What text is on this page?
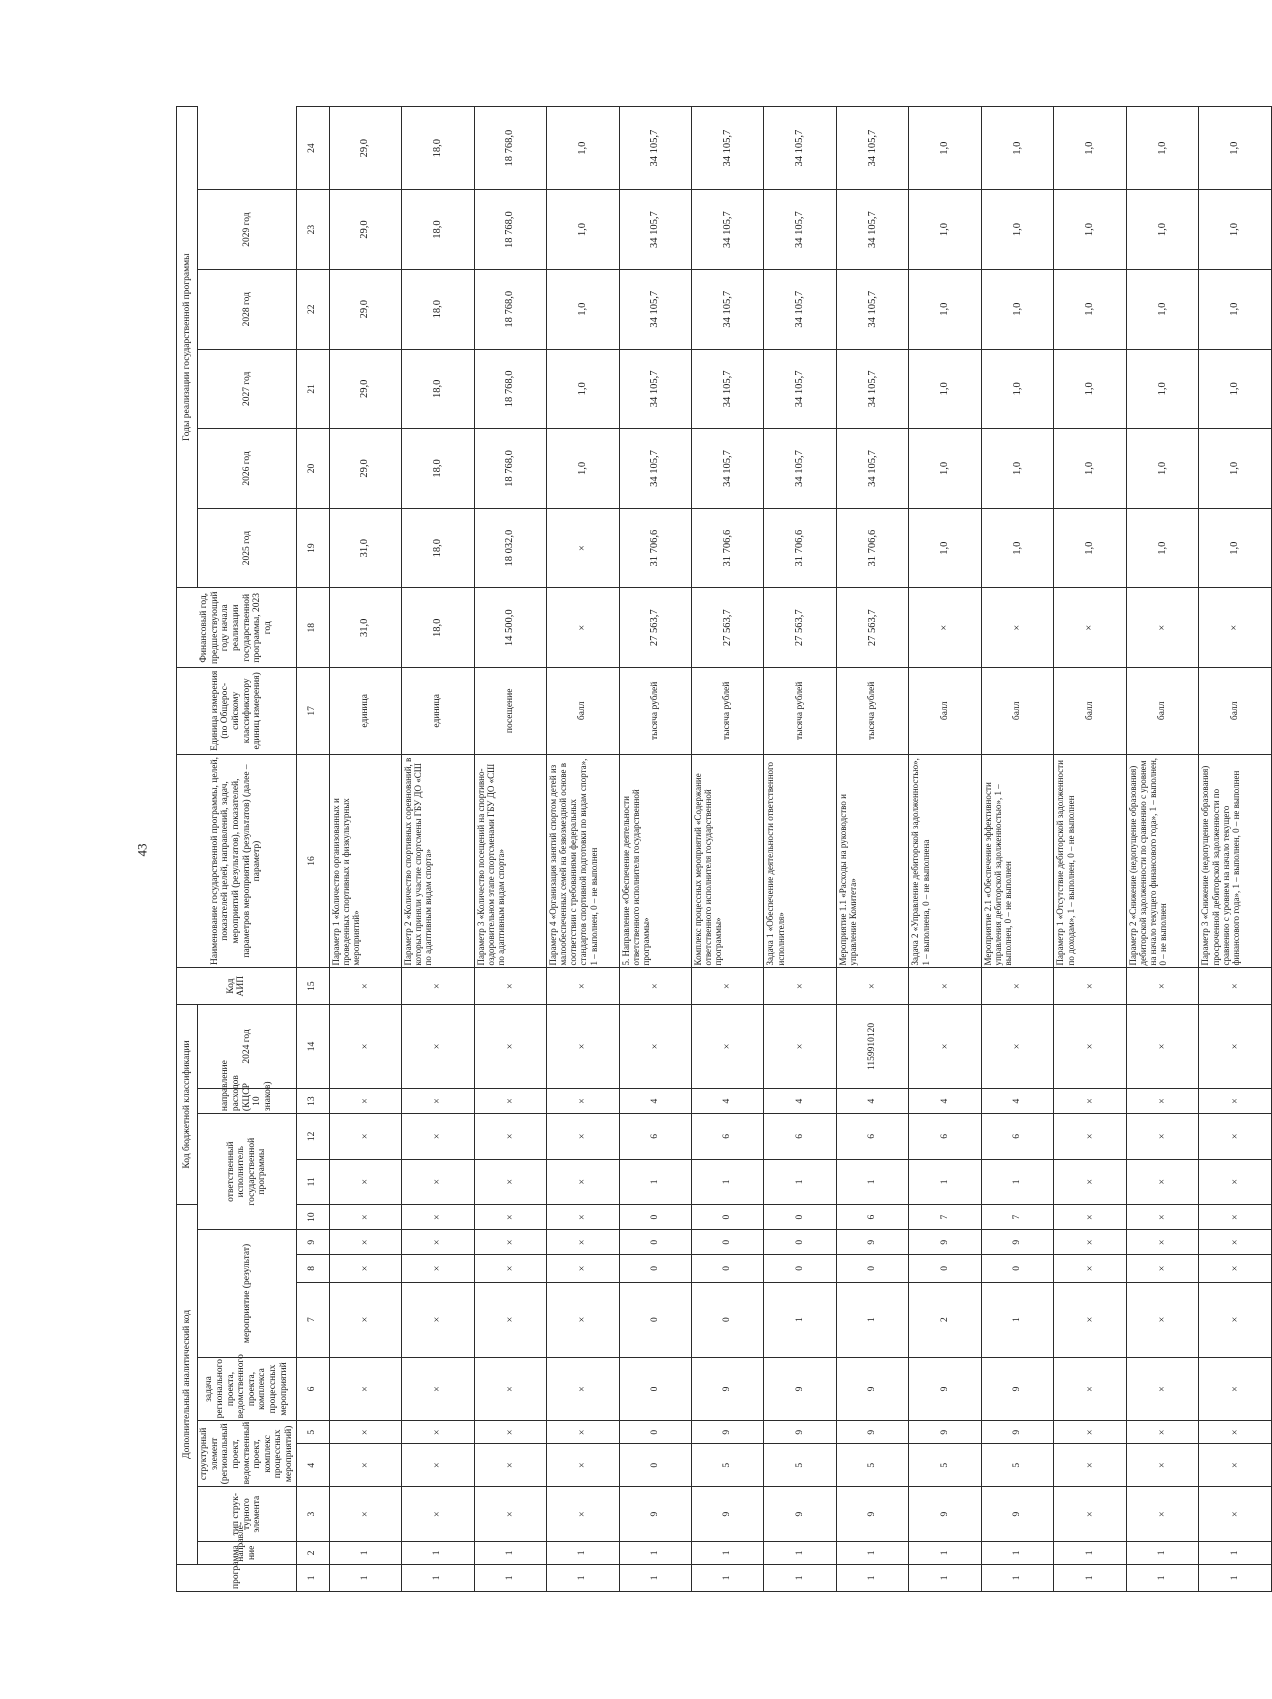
43
программа	Дополнительный аналитический код									Код бюджетной классификации				Код АИП	Наименование государственной программы, целей, показателей целей, направлений, задач, мероприятий (результатов), показателей, параметров мероприятий (результатов) (далее – параметр)	Единица измерения (по Общерос-сийскому классификатору единиц измерения)	Финансовый год, предшествующий году начала реализации государственной программы, 2023 год	Годы реализации государственной программы					
	направле-ние	тип струк-турного элемента	структурный элемент (региональный проект, ведомственный проект, комплекс процессных мероприятий)		задача регионального проекта, ведомственного проекта, комплекса процессных мероприятий	мероприятие (результат)			ответственный исполнитель государственной программы			направление расходов (КЦСР 10 знаков)	2024 год					2025 год	2026 год	2027 год	2028 год	2029 год	

1	2	3	4	5	6	7	8	9	10	11	12	13	14	15	16	17	18	19	20	21	22	23	24
1	1	×	×	×	×	×	×	×	×	×	×	×	×	×	Параметр 1 «Количество организованных и проведенных спортивных и физкультурных мероприятий»	единица	31,0	31,0	29,0	29,0	29,0	29,0	29,0
1	1	×	×	×	×	×	×	×	×	×	×	×	×	×	Параметр 2 «Количество спортивных соревнований, в которых приняли участие спортсмены ГБУ ДО «СШ по адаптивным видам спорта»	единица	18,0	18,0	18,0	18,0	18,0	18,0	18,0
1	1	×	×	×	×	×	×	×	×	×	×	×	×	×	Параметр 3 «Количество посещений на спортивно-оздоровительном этапе спортсменами ГБУ ДО «СШ по адаптивным видам спорта»	посещение	14 500,0	18 032,0	18 768,0	18 768,0	18 768,0	18 768,0	18 768,0
1	1	×	×	×	×	×	×	×	×	×	×	×	×	×	Параметр 4 «Организация занятий спортом детей из малообеспеченных семей на безвозмездной основе в соответствии с требованиями федеральных стандартов спортивной подготовки по видам спорта», 1 – выполнен, 0 – не выполнен	балл	×	×	1,0	1,0	1,0	1,0	1,0
1	1	9	0	0	0	0	0	0	0	1	6	4	×	×	5. Направление «Обеспечение деятельности ответственного исполнителя государственной программы»	тысяча рублей	27 563,7	31 706,6	34 105,7	34 105,7	34 105,7	34 105,7	34 105,7
1	1	9	5	9	9	0	0	0	0	1	6	4	×	×	Комплекс процессных мероприятий «Содержание ответственного исполнителя государственной программы»	тысяча рублей	27 563,7	31 706,6	34 105,7	34 105,7	34 105,7	34 105,7	34 105,7
1	1	9	5	9	9	1	0	0	0	1	6	4	×	×	Задача 1 «Обеспечение деятельности ответственного исполнителя»	тысяча рублей	27 563,7	31 706,6	34 105,7	34 105,7	34 105,7	34 105,7	34 105,7
1	1	9	5	9	9	1	0	9	6	1	6	4	1159910120	×	Мероприятие 1.1 «Расходы на руководство и управление Комитета»	тысяча рублей	27 563,7	31 706,6	34 105,7	34 105,7	34 105,7	34 105,7	34 105,7
1	1	9	5	9	9	2	0	9	7	1	6	4	×	×	Задача 2 «Управление дебиторской задолженностью», 1 – выполнена, 0 – не выполнена	балл	×	1,0	1,0	1,0	1,0	1,0	1,0
1	1	9	5	9	9	1	0	9	7	1	6	4	×	×	Мероприятие 2.1 «Обеспечение эффективности управления дебиторской задолженностью», 1 – выполнен, 0 – не выполнен	балл	×	1,0	1,0	1,0	1,0	1,0	1,0
1	1	×	×	×	×	×	×	×	×	×	×	×	×	×	Параметр 1 «Отсутствие дебиторской задолженности по доходам», 1 – выполнен, 0 – не выполнен	балл	×	1,0	1,0	1,0	1,0	1,0	1,0
1	1	×	×	×	×	×	×	×	×	×	×	×	×	×	Параметр 2 «Снижение (недопущение образования) дебиторской задолженности по сравнению с уровнем на начало текущего финансового года», 1 – выполнен, 0 – не выполнен	балл	×	1,0	1,0	1,0	1,0	1,0	1,0
1	1	×	×	×	×	×	×	×	×	×	×	×	×	×	Параметр 3 «Снижение (недопущение образования) просроченной дебиторской задолженности по сравнению с уровнем на начало текущего финансового года», 1 – выполнен, 0 – не выполнен	балл	×	1,0	1,0	1,0	1,0	1,0	1,0
